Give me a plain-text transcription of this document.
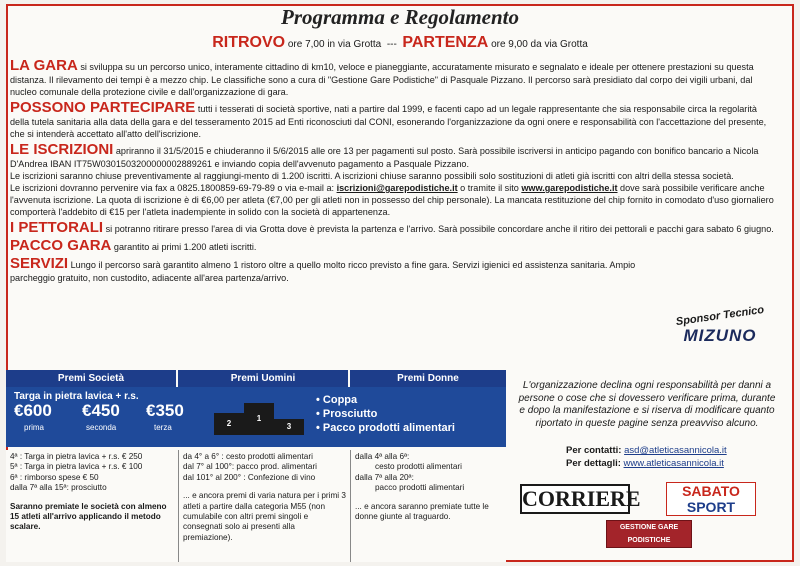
Programma e Regolamento
RITROVO ore 7,00 in via Grotta --- PARTENZA ore 9,00 da via Grotta

LA GARA si sviluppa su un percorso unico, interamente cittadino di km10, veloce e pianeggiante, accuratamente misurato e segnalato e ideale per ottenere prestazioni su questa distanza. Il rilevamento dei tempi è a mezzo chip. Le classifiche sono a cura di "Gestione Gare Podistiche" di Pasquale Pizzano. Il percorso sarà presidiato dal corpo dei vigili urbani, dal nucleo comunale della protezione civile e dall'organizzazione di gara.

POSSONO PARTECIPARE tutti i tesserati di società sportive, nati a partire dal 1999, e facenti capo ad un legale rappresentante che sia responsabile circa la regolarità della tutela sanitaria alla data della gara e del tesseramento 2015 ad Enti riconosciuti dal CONI, esonerando l'organizzazione da ogni onere e responsabilità con l'accettazione del presente, che si intenderà accettato all'atto dell'iscrizione.

LE ISCRIZIONI apriranno il 31/5/2015 e chiuderanno il 5/6/2015 alle ore 13 per pagamenti sul posto. Sarà possibile iscriversi in anticipo pagando con bonifico bancario a Nicola D'Andrea IBAN IT75W0301503200000002889261 e inviando copia dell'avvenuto pagamento a Pasquale Pizzano.

Le iscrizioni saranno chiuse preventivamente al raggiungi-mento di 1.200 iscritti. A iscrizioni chiuse saranno possibili solo sostituzioni di atleti già iscritti con altri della stessa società.

Le iscrizioni dovranno pervenire via fax a 0825.1800859-69-79-89 o via e-mail a: iscrizioni@garepodistiche.it o tramite il sito www.garepodistiche.it dove sarà possibile verificare anche l'avvenuta iscrizione. La quota di iscrizione è di €6,00 per atleta (€7,00 per gli atleti non in possesso del chip personale). La mancata restituzione del chip fornito in comodato d'uso giornaliero comporterà l'addebito di €15 per l'atleta inadempiente in solido con la società di appartenenza.

I PETTORALI si potranno ritirare presso l'area di via Grotta dove è prevista la partenza e l'arrivo. Sarà possibile concordare anche il ritiro dei pettorali e pacchi gara sabato 6 giugno.

PACCO GARA garantito ai primi 1.200 atleti iscritti.

SERVIZI Lungo il percorso sarà garantito almeno 1 ristoro oltre a quello molto ricco previsto a fine gara. Servizi igienici ed assistenza sanitaria. Ampio parcheggio gratuito, non custodito, adiacente all'area partenza/arrivo.

Sponsor Tecnico
MIZUNO
Premi Società	Premi Uomini	Premi Donne
Targa in pietra lavica + r.s.
€600 €450 €350
prima	seconda	terza	2
1
3
• Coppa
• Prosciutto
• Pacco prodotti alimentari
4ª : Targa in pietra lavica + r.s. € 250
5ª : Targa in pietra lavica + r.s. € 100
6ª : rimborso spese € 50
dalla 7ª alla 15ª: prosciutto
Saranno premiate le società con almeno 15 atleti all'arrivo applicando il metodo scalare.
da 4° a 6° : cesto prodotti alimentari
dal 7° al 100°: pacco prod. alimentari
dal 101° al 200° : Confezione di vino
... e ancora premi di varia natura per i primi 3 atleti a partire dalla categoria M55 (non cumulabile con altri premi singoli e consegnati solo ai presenti alla premiazione).
dalla 4ª alla 6ª:
cesto prodotti alimentari
dalla 7ª alla 20ª:
pacco prodotti alimentari
... e ancora saranno premiate tutte le donne giunte al traguardo.
L'organizzazione declina ogni responsabilità per danni a persone o cose che si dovessero verificare prima, durante e dopo la manifestazione e si riserva di modificare quanto riportato in queste pagine senza preavviso alcuno.
Per contatti: asd@atleticasannicola.it
Per dettagli: www.atleticasannicola.it
CORRIERE	SABATO
SPORT
GESTIONE GARE PODISTICHE
